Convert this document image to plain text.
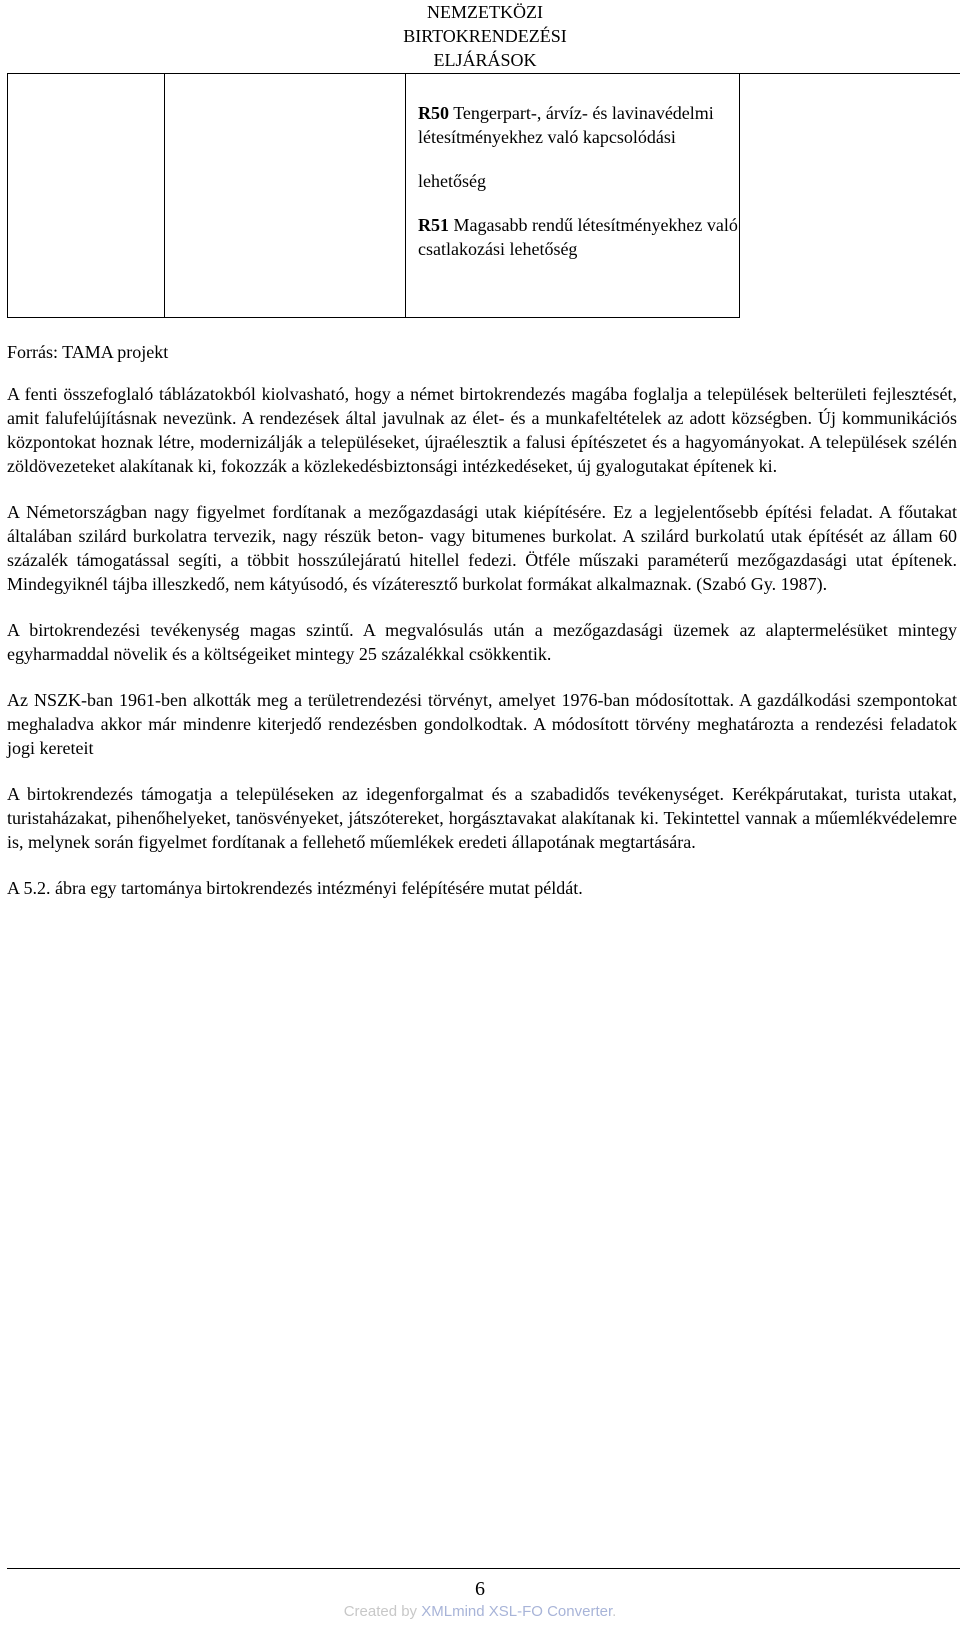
NEMZETKÖZI
BIRTOKRENDEZÉSI
ELJÁRÁSOK
R50 Tengerpart-, árvíz- és lavinavédelmi létesítményekhez való kapcsolódási
lehetőség
R51 Magasabb rendű létesítményekhez való csatlakozási lehetőség
Forrás: TAMA projekt

A fenti összefoglaló táblázatokból kiolvasható, hogy a német birtokrendezés magába foglalja a települések belterületi fejlesztését, amit falufelújításnak nevezünk. A rendezések által javulnak az élet- és a munkafeltételek az adott községben. Új kommunikációs központokat hoznak létre, modernizálják a településeket, újraélesztik a falusi építészetet és a hagyományokat. A települések szélén zöldövezeteket alakítanak ki, fokozzák a közlekedésbiztonsági intézkedéseket, új gyalogutakat építenek ki.

A Németországban nagy figyelmet fordítanak a mezőgazdasági utak kiépítésére. Ez a legjelentősebb építési feladat. A főutakat általában szilárd burkolatra tervezik, nagy részük beton- vagy bitumenes burkolat. A szilárd burkolatú utak építését az állam 60 százalék támogatással segíti, a többit hosszúlejáratú hitellel fedezi. Ötféle műszaki paraméterű mezőgazdasági utat építenek. Mindegyiknél tájba illeszkedő, nem kátyúsodó, és vízáteresztő burkolat formákat alkalmaznak. (Szabó Gy. 1987).

A birtokrendezési tevékenység magas szintű. A megvalósulás után a mezőgazdasági üzemek az alaptermelésüket mintegy egyharmaddal növelik és a költségeiket mintegy 25 százalékkal csökkentik.

Az NSZK-ban 1961-ben alkották meg a területrendezési törvényt, amelyet 1976-ban módosítottak. A gazdálkodási szempontokat meghaladva akkor már mindenre kiterjedő rendezésben gondolkodtak. A módosított törvény meghatározta a rendezési feladatok jogi kereteit

A birtokrendezés támogatja a településeken az idegenforgalmat és a szabadidős tevékenységet. Kerékpárutakat, turista utakat, turistaházakat, pihenőhelyeket, tanösvényeket, játszótereket, horgásztavakat alakítanak ki. Tekintettel vannak a műemlékvédelemre is, melynek során figyelmet fordítanak a fellehető műemlékek eredeti állapotának megtartására.

A 5.2. ábra egy tartománya birtokrendezés intézményi felépítésére mutat példát.

6
Created by XMLmind XSL-FO Converter.
